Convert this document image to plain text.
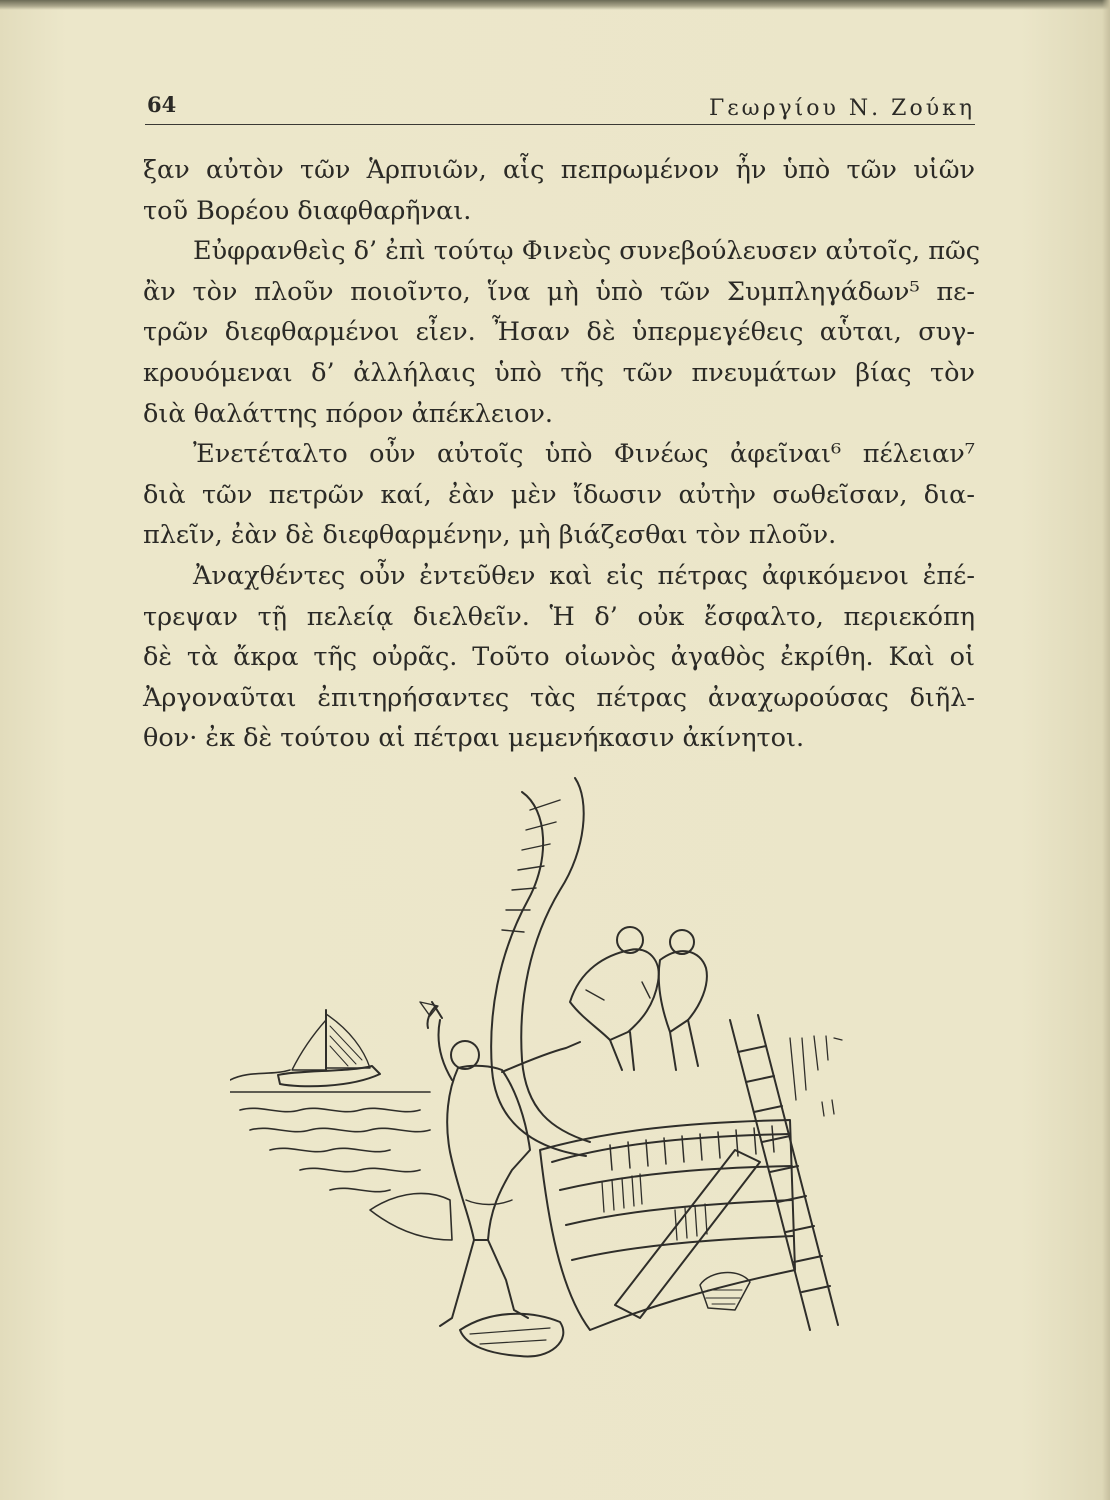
64	Γεωργίου Ν. Ζούκη
ξαν αὐτὸν τῶν Ἁρπυιῶν, αἷς πεπρωμένον ἦν ὑπὸ τῶν υἱῶν
τοῦ Βορέου διαφθαρῆναι.
Εὐφρανθεὶς δ’ ἐπὶ τούτῳ Φινεὺς συνεβούλευσεν αὐτοῖς, πῶς
ἂν τὸν πλοῦν ποιοῖντο, ἵνα μὴ ὑπὸ τῶν Συμπληγάδων⁵ πε-
τρῶν διεφθαρμένοι εἶεν. Ἦσαν δὲ ὑπερμεγέθεις αὗται, συγ-
κρουόμεναι δ’ ἀλλήλαις ὑπὸ τῆς τῶν πνευμάτων βίας τὸν
διὰ θαλάττης πόρον ἀπέκλειον.
Ἐνετέταλτο οὖν αὐτοῖς ὑπὸ Φινέως ἀφεῖναι⁶ πέλειαν⁷
διὰ τῶν πετρῶν καί, ἐὰν μὲν ἴδωσιν αὐτὴν σωθεῖσαν, δια-
πλεῖν, ἐὰν δὲ διεφθαρμένην, μὴ βιάζεσθαι τὸν πλοῦν.
Ἀναχθέντες οὖν ἐντεῦθεν καὶ εἰς πέτρας ἀφικόμενοι ἐπέ-
τρεψαν τῇ πελείᾳ διελθεῖν. Ἡ δ’ οὐκ ἔσφαλτο, περιεκόπη
δὲ τὰ ἄκρα τῆς οὐρᾶς. Τοῦτο οἰωνὸς ἀγαθὸς ἐκρίθη. Καὶ οἱ
Ἀργοναῦται ἐπιτηρήσαντες τὰς πέτρας ἀναχωρούσας διῆλ-
θον· ἐκ δὲ τούτου αἱ πέτραι μεμενήκασιν ἀκίνητοι.
